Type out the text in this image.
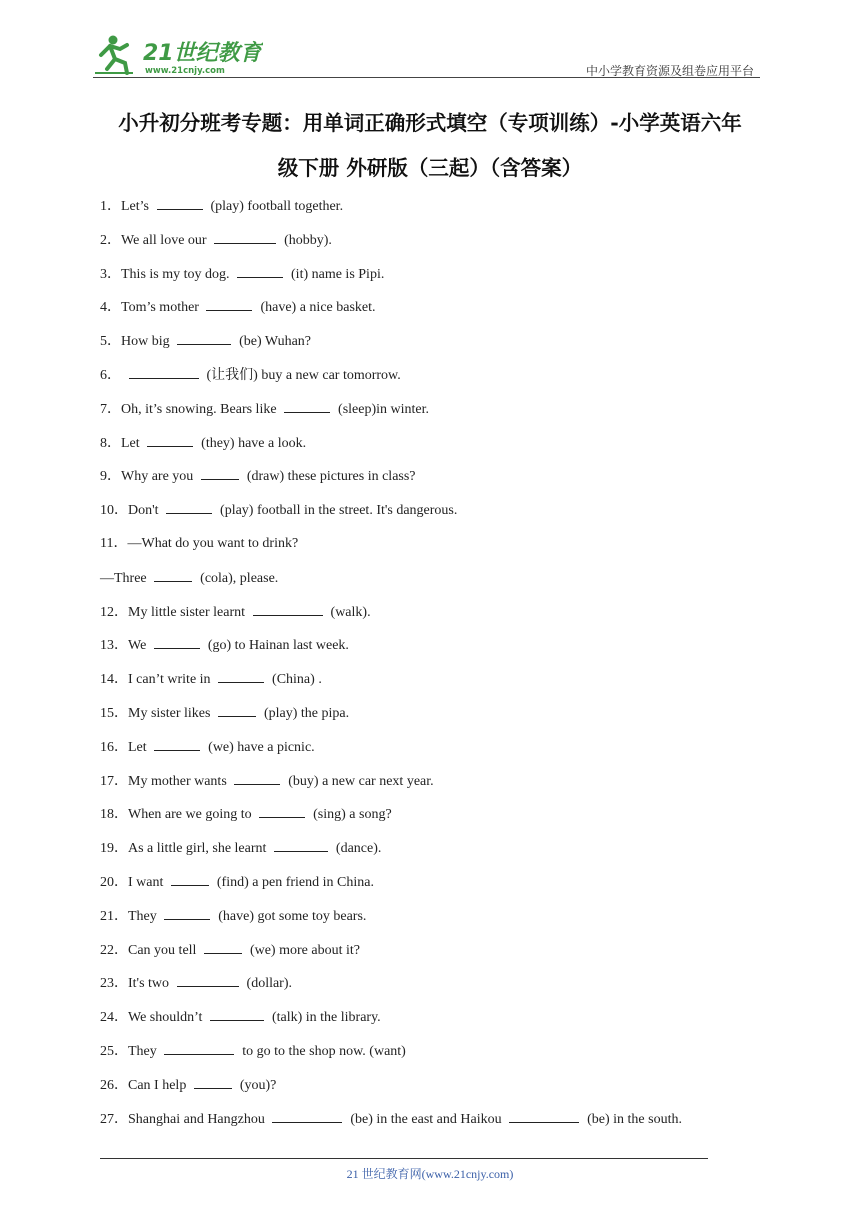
21世纪教育
www.21cnjy.com	中小学教育资源及组卷应用平台
小升初分班考专题：用单词正确形式填空（专项训练）-小学英语六年
级下册 外研版（三起）（含答案）
1．Let’s	(play) football together.
2．We all love our	(hobby).
3．This is my toy dog.	(it) name is Pipi.
4．Tom’s mother	(have) a nice basket.
5．How big	(be) Wuhan?
6．	(让我们) buy a new car tomorrow.
7．Oh, it’s snowing. Bears like	(sleep)in winter.
8．Let	(they) have a look.
9．Why are you	(draw) these pictures in class?
10．Don't	(play) football in the street. It's dangerous.
11．—What do you want to drink?
—Three	(cola), please.
12．My little sister learnt	(walk).
13．We	(go) to Hainan last week.
14．I can’t write in	(China) .
15．My sister likes	(play) the pipa.
16．Let	(we) have a picnic.
17．My mother wants	(buy) a new car next year.
18．When are we going to	(sing) a song?
19．As a little girl, she learnt	(dance).
20．I want	(find) a pen friend in China.
21．They	(have) got some toy bears.
22．Can you tell	(we) more about it?
23．It's two	(dollar).
24．We shouldn’t	(talk) in the library.
25．They	to go to the shop now. (want)
26．Can I help	(you)?
27．Shanghai and Hangzhou	(be) in the east and Haikou	(be) in the south.
21 世纪教育网(www.21cnjy.com)
